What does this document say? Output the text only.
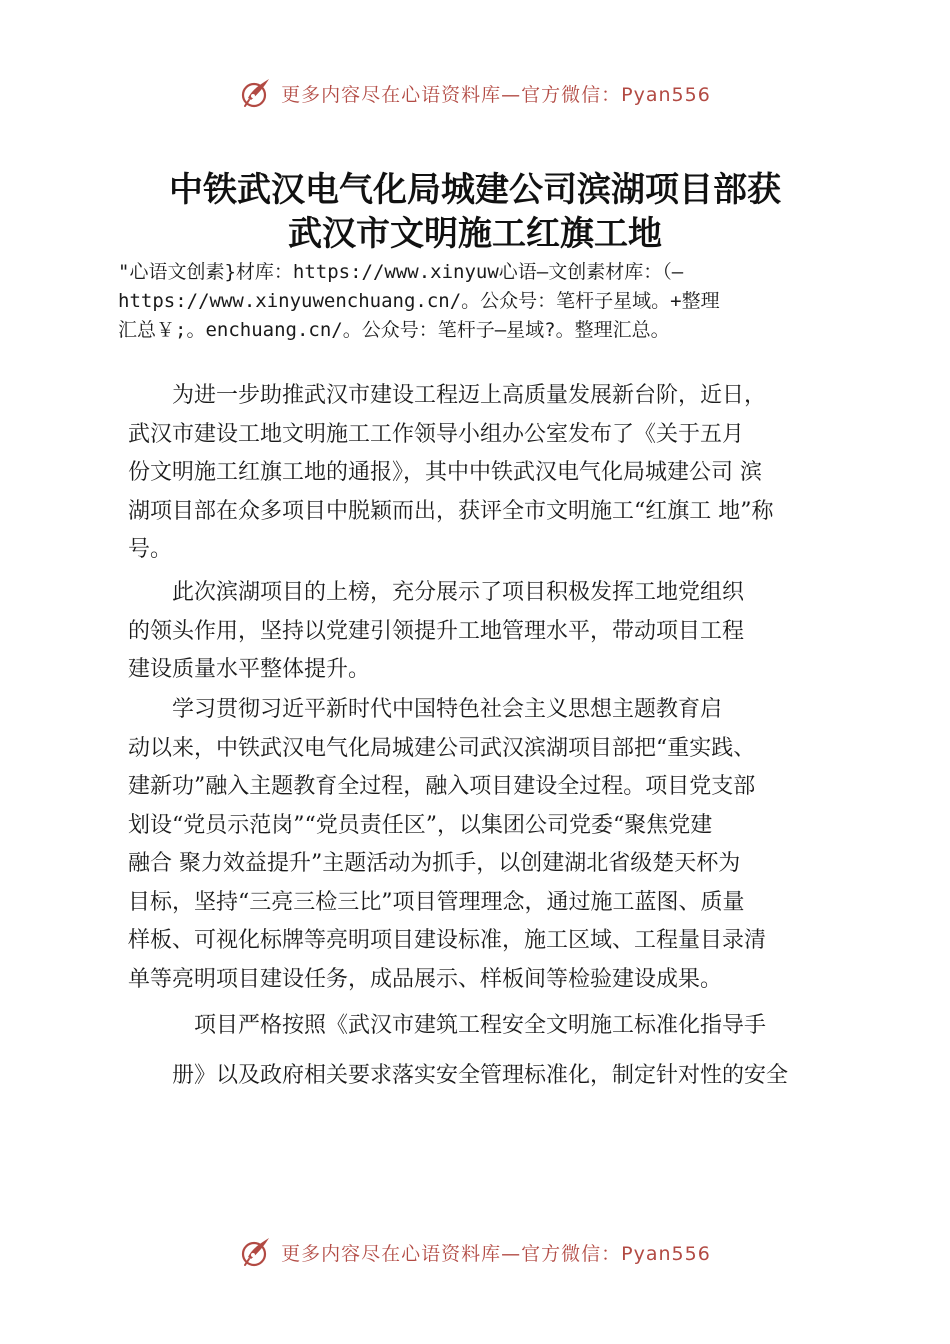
更多内容尽在心语资料库—官方微信：Pyan556
中铁武汉电气化局城建公司滨湖项目部获
武汉市文明施工红旗工地
"心语文创素}材库：https://www.xinyuw心语—文创素材库：（—
https://www.xinyuwenchuang.cn/。公众号：笔杆子星域。+整理
汇总￥;。enchuang.cn/。公众号：笔杆子—星域?。整理汇总。
　　为进一步助推武汉市建设工程迈上高质量发展新台阶，近日，
武汉市建设工地文明施工工作领导小组办公室发布了《关于五月
份文明施工红旗工地的通报》，其中中铁武汉电气化局城建公司 滨
湖项目部在众多项目中脱颖而出，获评全市文明施工“红旗工 地”称
号。
　　此次滨湖项目的上榜，充分展示了项目积极发挥工地党组织
的领头作用，坚持以党建引领提升工地管理水平，带动项目工程
建设质量水平整体提升。
　　学习贯彻习近平新时代中国特色社会主义思想主题教育启
动以来，中铁武汉电气化局城建公司武汉滨湖项目部把“重实践、
建新功”融入主题教育全过程，融入项目建设全过程。项目党支部
划设“党员示范岗”“党员责任区”，以集团公司党委“聚焦党建
融合 聚力效益提升”主题活动为抓手，以创建湖北省级楚天杯为
目标，坚持“三亮三检三比”项目管理理念，通过施工蓝图、质量
样板、可视化标牌等亮明项目建设标准，施工区域、工程量目录清
单等亮明项目建设任务，成品展示、样板间等检验建设成果。
　　　项目严格按照《武汉市建筑工程安全文明施工标准化指导手
　　册》以及政府相关要求落实安全管理标准化，制定针对性的安全
更多内容尽在心语资料库—官方微信：Pyan556
